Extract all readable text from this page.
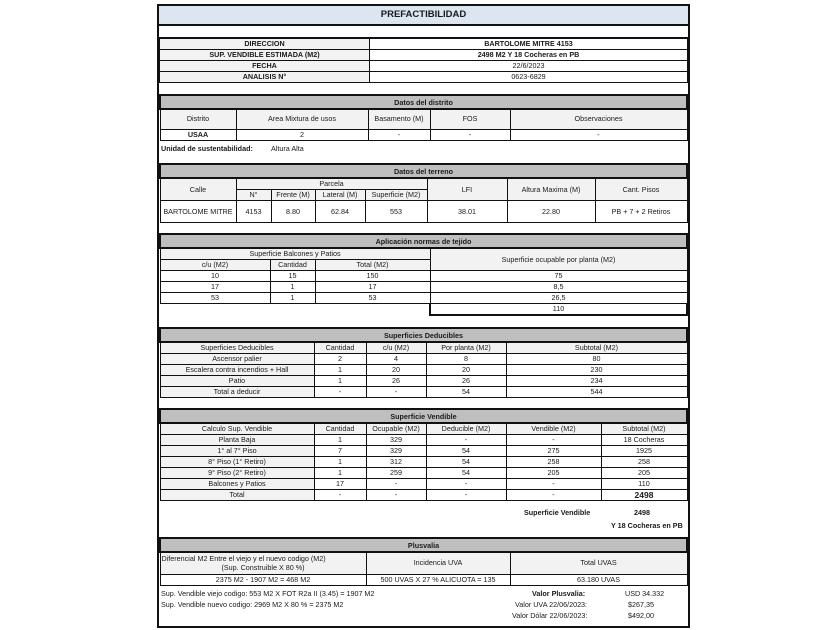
PREFACTIBILIDAD
DIRECCION	BARTOLOME MITRE 4153
SUP. VENDIBLE ESTIMADA (M2)	2498 M2 Y 18 Cocheras en PB
FECHA	22/6/2023
ANALISIS N°	0623-6829
Datos del distrito				
Distrito	Area Mixtura de usos	Basamento (M)	FOS	Observaciones
USAA	2	-	-	-
Unidad de sustentabilidad:	Altura Alta
Datos del terreno							
Calle	Parcela				LFI	Altura Maxima (M)	Cant. Pisos
	N°	Frente (M)	Lateral (M)	Superficie (M2)			
BARTOLOME MITRE	4153	8.80	62.84	553	38.01	22.80	PB + 7 + 2 Retiros
Aplicación normas de tejido			
Superficie Balcones y Patios			Superficie ocupable por planta (M2)
c/u (M2)	Cantidad	Total (M2)	
10	15	150	75
17	1	17	8,5
53	1	53	26,5
			110
Superficies Deducibles				
Superficies Deducibles	Cantidad	c/u (M2)	Por planta (M2)	Subtotal (M2)
Ascensor palier	2	4	8	80
Escalera contra incendios + Hall	1	20	20	230
Patio	1	26	26	234
Total a deducir	-	-	54	544
Superficie Vendible					
Calculo Sup. Vendible	Cantidad	Ocupable (M2)	Deducible (M2)	Vendible (M2)	Subtotal (M2)
Planta Baja	1	329	-	-	18 Cocheras
1° al 7° Piso	7	329	54	275	1925
8° Piso (1° Retiro)	1	312	54	258	258
9° Piso (2° Retiro)	1	259	54	205	205
Balcones y Patios	17	-	-	-	110
Total	-	-	-	-	2498
Superficie Vendible	2498
Y 18 Cocheras en PB
Plusvalia		

Diferencial M2 Entre el viejo y el nuevo codigo (M2)
(Sup. Construible X 80 %)	Incidencia UVA	Total UVAS
2375 M2 - 1907 M2 = 468 M2	500 UVAS X 27 % ALICUOTA = 135	63.180 UVAS
Sup. Vendible viejo codigo: 553 M2 X FOT R2a II (3.45) = 1907 M2
Sup. Vendible nuevo codigo: 2969 M2 X 80 % = 2375 M2
Valor Plusvalia:	USD 34.332
Valor UVA 22/06/2023:	$267,35
Valor Dólar 22/06/2023:	$492,00
